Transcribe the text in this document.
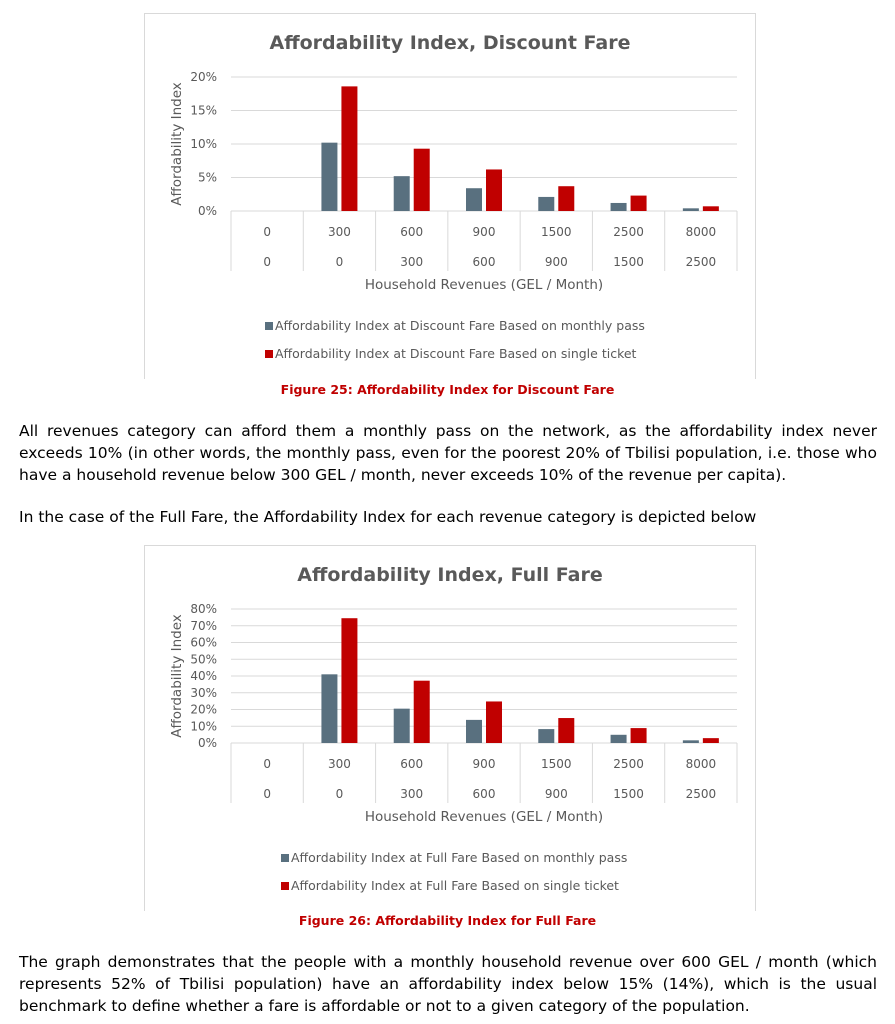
Affordability Index, Discount Fare
20%
15%
10%
5%
0%
Affordability Index
0	300	600	900	1500	2500	8000
0	0	300	600	900	1500	2500
Household Revenues (GEL / Month)
Affordability Index at Discount Fare Based on monthly pass
Affordability Index at Discount Fare Based on single ticket
Figure 25: Affordability Index for Discount Fare
All revenues category can afford them a monthly pass on the network, as the affordability index never exceeds 10% (in other words, the monthly pass, even for the poorest 20% of Tbilisi population, i.e. those who have a household revenue below 300 GEL / month, never exceeds 10% of the revenue per capita).
In the case of the Full Fare, the Affordability Index for each revenue category is depicted below
Affordability Index, Full Fare
80%
70%
60%
50%
40%
30%
20%
10%
0%
Affordability Index
0	300	600	900	1500	2500	8000
0	0	300	600	900	1500	2500
Household Revenues (GEL / Month)
Affordability Index at Full Fare Based on monthly pass
Affordability Index at Full Fare Based on single ticket
Figure 26: Affordability Index for Full Fare
The graph demonstrates that the people with a monthly household revenue over 600 GEL / month (which represents 52% of Tbilisi population) have an affordability index below 15% (14%), which is the usual benchmark to define whether a fare is affordable or not to a given category of the population.
